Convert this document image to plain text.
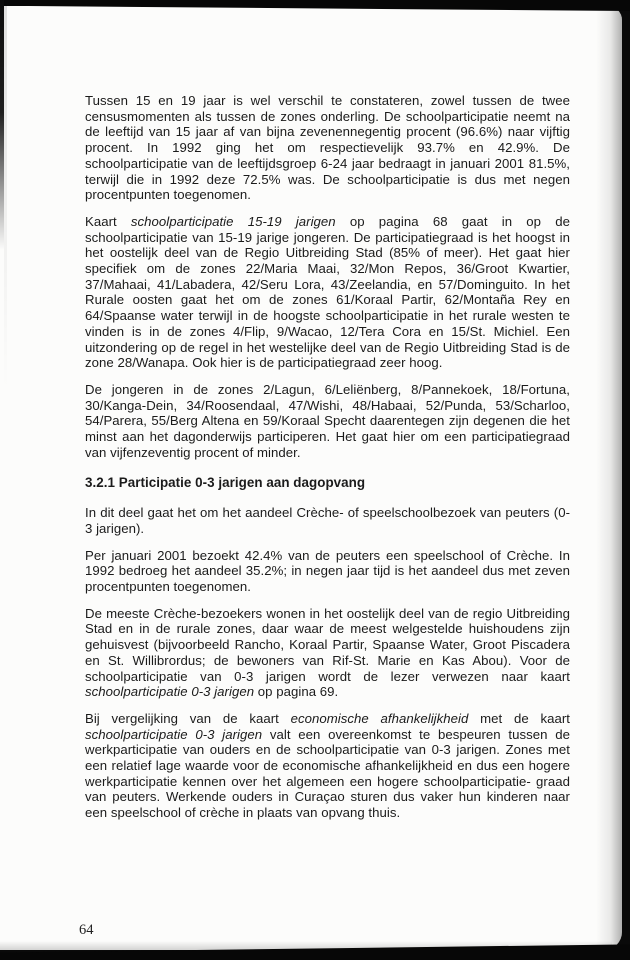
Tussen 15 en 19 jaar is wel verschil te constateren, zowel tussen de twee censusmomenten als tussen de zones onderling. De schoolparticipatie neemt na de leeftijd van 15 jaar af van bijna zevenennegentig procent (96.6%) naar vijftig procent. In 1992 ging het om respectievelijk 93.7% en 42.9%. De schoolparticipatie van de leeftijdsgroep 6-24 jaar bedraagt in januari 2001 81.5%, terwijl die in 1992 deze 72.5% was. De schoolparticipatie is dus met negen procentpunten toegenomen.

Kaart schoolparticipatie 15-19 jarigen op pagina 68 gaat in op de schoolparticipatie van 15-19 jarige jongeren. De participatiegraad is het hoogst in het oostelijk deel van de Regio Uitbreiding Stad (85% of meer). Het gaat hier specifiek om de zones 22/Maria Maai, 32/Mon Repos, 36/Groot Kwartier, 37/Mahaai, 41/Labadera, 42/Seru Lora, 43/Zeelandia, en 57/Dominguito. In het Rurale oosten gaat het om de zones 61/Koraal Partir, 62/Montaña Rey en 64/Spaanse water terwijl in de hoogste schoolparticipatie in het rurale westen te vinden is in de zones 4/Flip, 9/Wacao, 12/Tera Cora en 15/St. Michiel. Een uitzondering op de regel in het westelijke deel van de Regio Uitbreiding Stad is de zone 28/Wanapa. Ook hier is de participatiegraad zeer hoog.

De jongeren in de zones 2/Lagun, 6/Leliënberg, 8/Pannekoek, 18/Fortuna, 30/Kanga-Dein, 34/Roosendaal, 47/Wishi, 48/Habaai, 52/Punda, 53/Scharloo, 54/Parera, 55/Berg Altena en 59/Koraal Specht daarentegen zijn degenen die het minst aan het dagonderwijs participeren. Het gaat hier om een participatiegraad van vijfenzeventig procent of minder.

3.2.1 Participatie 0-3 jarigen aan dagopvang

In dit deel gaat het om het aandeel Crèche- of speelschoolbezoek van peuters (0-3 jarigen).

Per januari 2001 bezoekt 42.4% van de peuters een speelschool of Crèche. In 1992 bedroeg het aandeel 35.2%; in negen jaar tijd is het aandeel dus met zeven procentpunten toegenomen.

De meeste Crèche-bezoekers wonen in het oostelijk deel van de regio Uitbreiding Stad en in de rurale zones, daar waar de meest welgestelde huishoudens zijn gehuisvest (bijvoorbeeld Rancho, Koraal Partir, Spaanse Water, Groot Piscadera en St. Willibrordus; de bewoners van Rif-St. Marie en Kas Abou). Voor de schoolparticipatie van 0-3 jarigen wordt de lezer verwezen naar kaart schoolparticipatie 0-3 jarigen op pagina 69.

Bij vergelijking van de kaart economische afhankelijkheid met de kaart schoolparticipatie 0-3 jarigen valt een overeenkomst te bespeuren tussen de werkparticipatie van ouders en de schoolparticipatie van 0-3 jarigen. Zones met een relatief lage waarde voor de economische afhankelijkheid en dus een hogere werkparticipatie kennen over het algemeen een hogere schoolparticipatie- graad van peuters. Werkende ouders in Curaçao sturen dus vaker hun kinderen naar een speelschool of crèche in plaats van opvang thuis.

64
